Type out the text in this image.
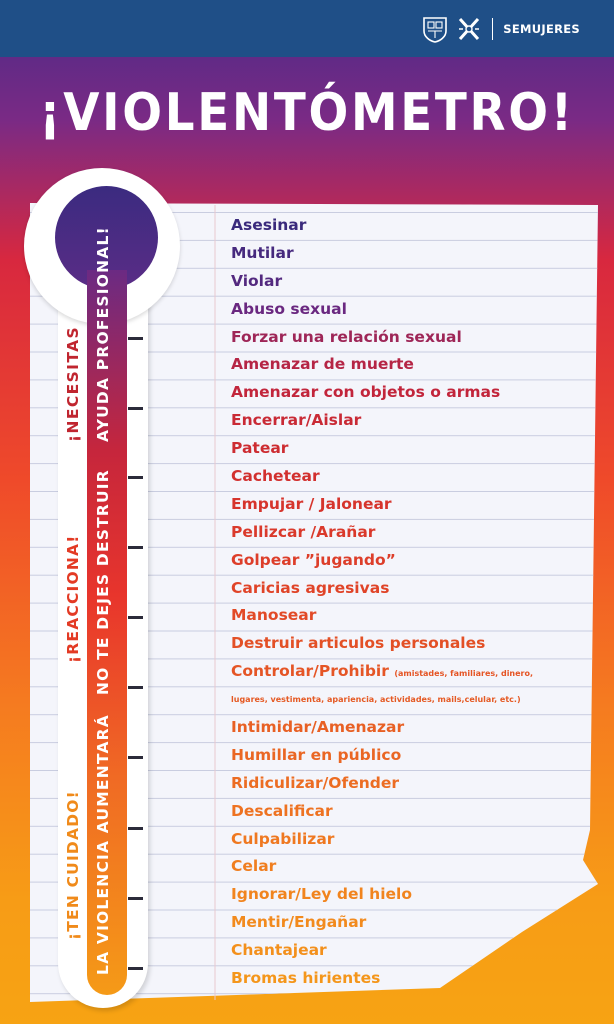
SEMUJERES
¡VIOLENTÓMETRO!
¡NECESITAS AYUDA PROFESIONAL!
¡REACCIONA! NO TE DEJES DESTRUIR
¡TEN CUIDADO! LA VIOLENCIA AUMENTARÁ
Asesinar
Mutilar
Violar
Abuso sexual
Forzar una relación sexual
Amenazar de muerte
Amenazar con objetos o armas
Encerrar/Aislar
Patear
Cachetear
Empujar / Jalonear
Pellizcar /Arañar
Golpear ”jugando”
Caricias agresivas
Manosear
Destruir articulos personales
Controlar/Prohibir (amistades, familiares, dinero,
lugares, vestimenta, apariencia, actividades, mails,celular, etc.)
Intimidar/Amenazar
Humillar en público
Ridiculizar/Ofender
Descalificar
Culpabilizar
Celar
Ignorar/Ley del hielo
Mentir/Engañar
Chantajear
Bromas hirientes
